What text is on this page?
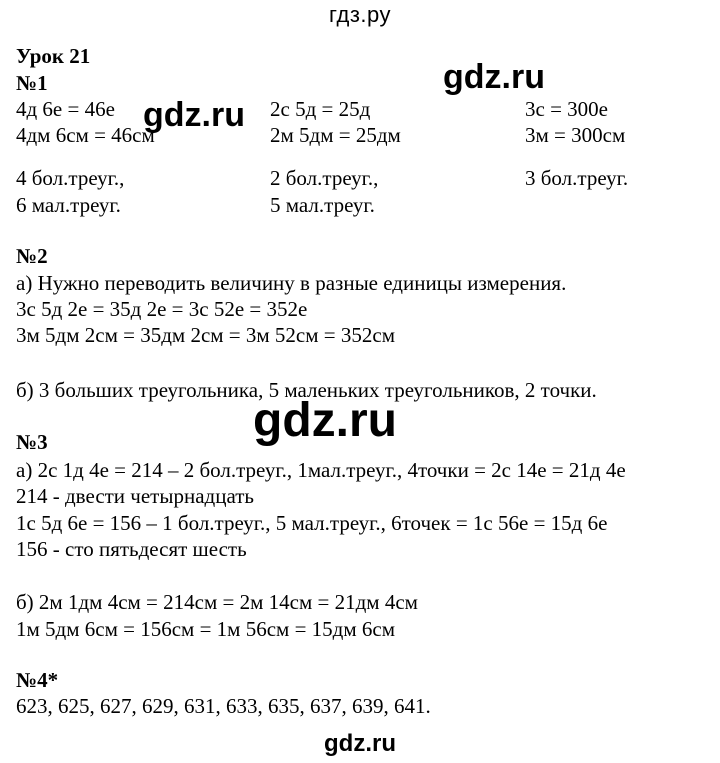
гдз.ру
Урок 21
№1
4д 6е = 46е	2с 5д = 25д	3с = 300е
4дм 6см = 46см	2м 5дм = 25дм	3м = 300см
4 бол.треуг.,	2 бол.треуг.,	3 бол.треуг.
6 мал.треуг.	5 мал.треуг.
№2
а) Нужно переводить величину в разные единицы измерения.
3с 5д 2е = 35д 2е = 3с 52е = 352е
3м 5дм 2см = 35дм 2см = 3м 52см = 352см
б) 3 больших треугольника, 5 маленьких треугольников, 2 точки.
№3
а) 2с 1д 4е = 214 – 2 бол.треуг., 1мал.треуг., 4точки = 2с 14е = 21д 4е
214 - двести четырнадцать
1с 5д 6е = 156 – 1 бол.треуг., 5 мал.треуг., 6точек = 1с 56е = 15д 6е
156 - сто пятьдесят шесть
б) 2м 1дм 4см = 214см = 2м 14см = 21дм 4см
1м 5дм 6см = 156см = 1м 56см = 15дм 6см
№4*
623, 625, 627, 629, 631, 633, 635, 637, 639, 641.
gdz.ru
gdz.ru
gdz.ru
gdz.ru
